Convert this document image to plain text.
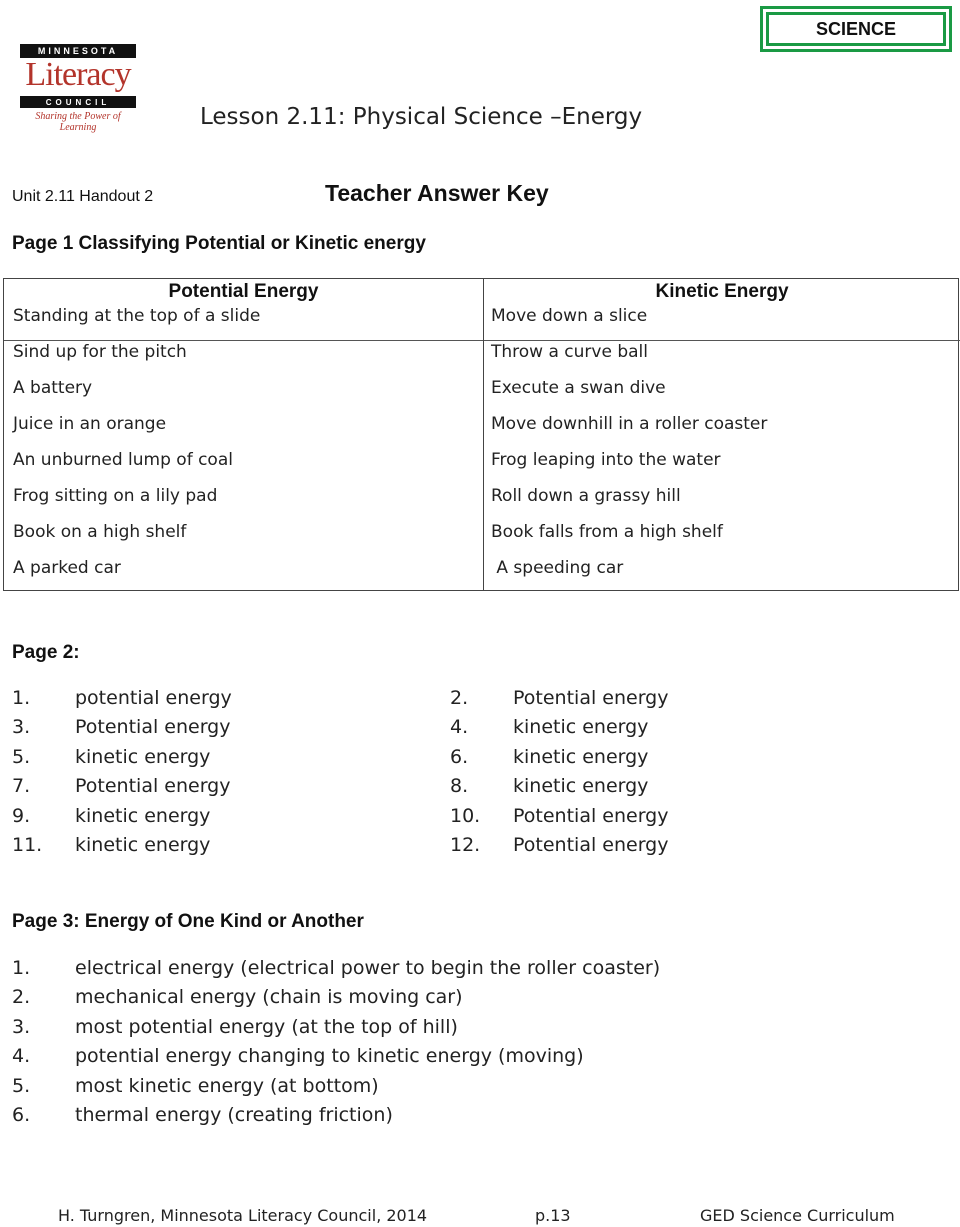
SCIENCE
MINNESOTA
Literacy
COUNCIL
Sharing the Power of Learning	Lesson 2.11: Physical Science –Energy
Unit 2.11 Handout 2	Teacher Answer Key
Page 1 Classifying Potential or Kinetic energy
Potential Energy	Kinetic Energy
Standing at the top of a slide	Move down a slice
Sind up for the pitch	Throw a curve ball
A battery	Execute a swan dive
Juice in an orange	Move downhill in a roller coaster
An unburned lump of coal	Frog leaping into the water
Frog sitting on a lily pad	Roll down a grassy hill
Book on a high shelf	Book falls from a high shelf
A parked car	A speeding car
Page 2:
1. potential energy	2. Potential energy
3. Potential energy	4. kinetic energy
5. kinetic energy	6. kinetic energy
7. Potential energy	8. kinetic energy
9. kinetic energy	10. Potential energy
11. kinetic energy	12. Potential energy
Page 3: Energy of One Kind or Another
1. electrical energy (electrical power to begin the roller coaster)
2. mechanical energy (chain is moving car)
3. most potential energy (at the top of hill)
4. potential energy changing to kinetic energy (moving)
5. most kinetic energy (at bottom)
6. thermal energy (creating friction)
H. Turngren, Minnesota Literacy Council, 2014	p.13	GED Science Curriculum
